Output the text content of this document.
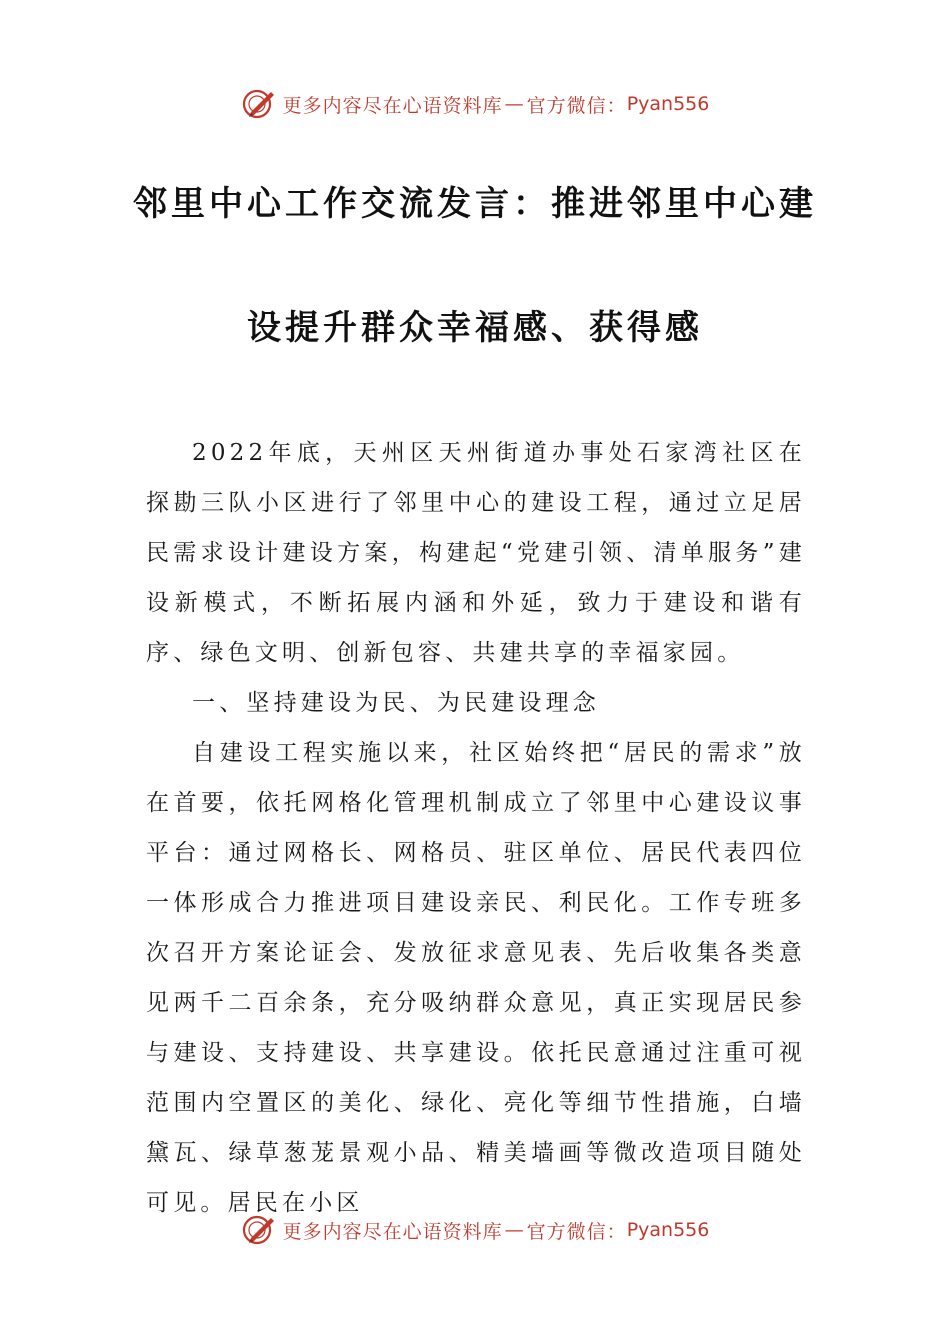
更多内容尽在心语资料库 — 官方微信： Pyan556
邻里中心工作交流发言：推进邻里中心建
设提升群众幸福感、获得感

2022年底，天州区天州街道办事处石家湾社区在探勘三队小区进行了邻里中心的建设工程，通过立足居民需求设计建设方案，构建起“党建引领、清单服务”建设新模式，不断拓展内涵和外延，致力于建设和谐有序、绿色文明、创新包容、共建共享的幸福家园。

一、坚持建设为民、为民建设理念

自建设工程实施以来，社区始终把“居民的需求”放在首要，依托网格化管理机制成立了邻里中心建设议事平台：通过网格长、网格员、驻区单位、居民代表四位一体形成合力推进项目建设亲民、利民化。工作专班多次召开方案论证会、发放征求意见表、先后收集各类意见两千二百余条，充分吸纳群众意见，真正实现居民参与建设、支持建设、共享建设。依托民意通过注重可视范围内空置区的美化、绿化、亮化等细节性措施，白墙黛瓦、绿草葱茏景观小品、精美墙画等微改造项目随处可见。居民在小区

更多内容尽在心语资料库 — 官方微信： Pyan556
